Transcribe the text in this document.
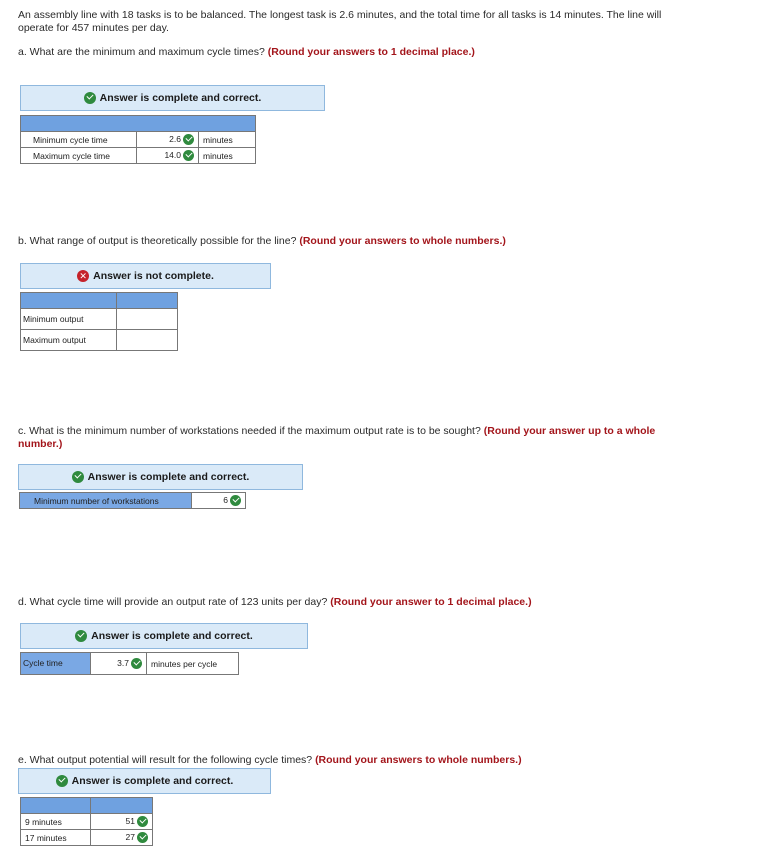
An assembly line with 18 tasks is to be balanced. The longest task is 2.6 minutes, and the total time for all tasks is 14 minutes. The line will operate for 457 minutes per day.
a. What are the minimum and maximum cycle times? (Round your answers to 1 decimal place.)
Answer is complete and correct.

Minimum cycle time	2.6	minutes
Maximum cycle time	14.0	minutes
b. What range of output is theoretically possible for the line? (Round your answers to whole numbers.)
✕ Answer is not complete.

Minimum output	
Maximum output	
c. What is the minimum number of workstations needed if the maximum output rate is to be sought? (Round your answer up to a whole number.)
Answer is complete and correct.
Minimum number of workstations	6
d. What cycle time will provide an output rate of 123 units per day? (Round your answer to 1 decimal place.)
Answer is complete and correct.
Cycle time	3.7	minutes per cycle
e. What output potential will result for the following cycle times? (Round your answers to whole numbers.)
Answer is complete and correct.

9 minutes	51
17 minutes	27
